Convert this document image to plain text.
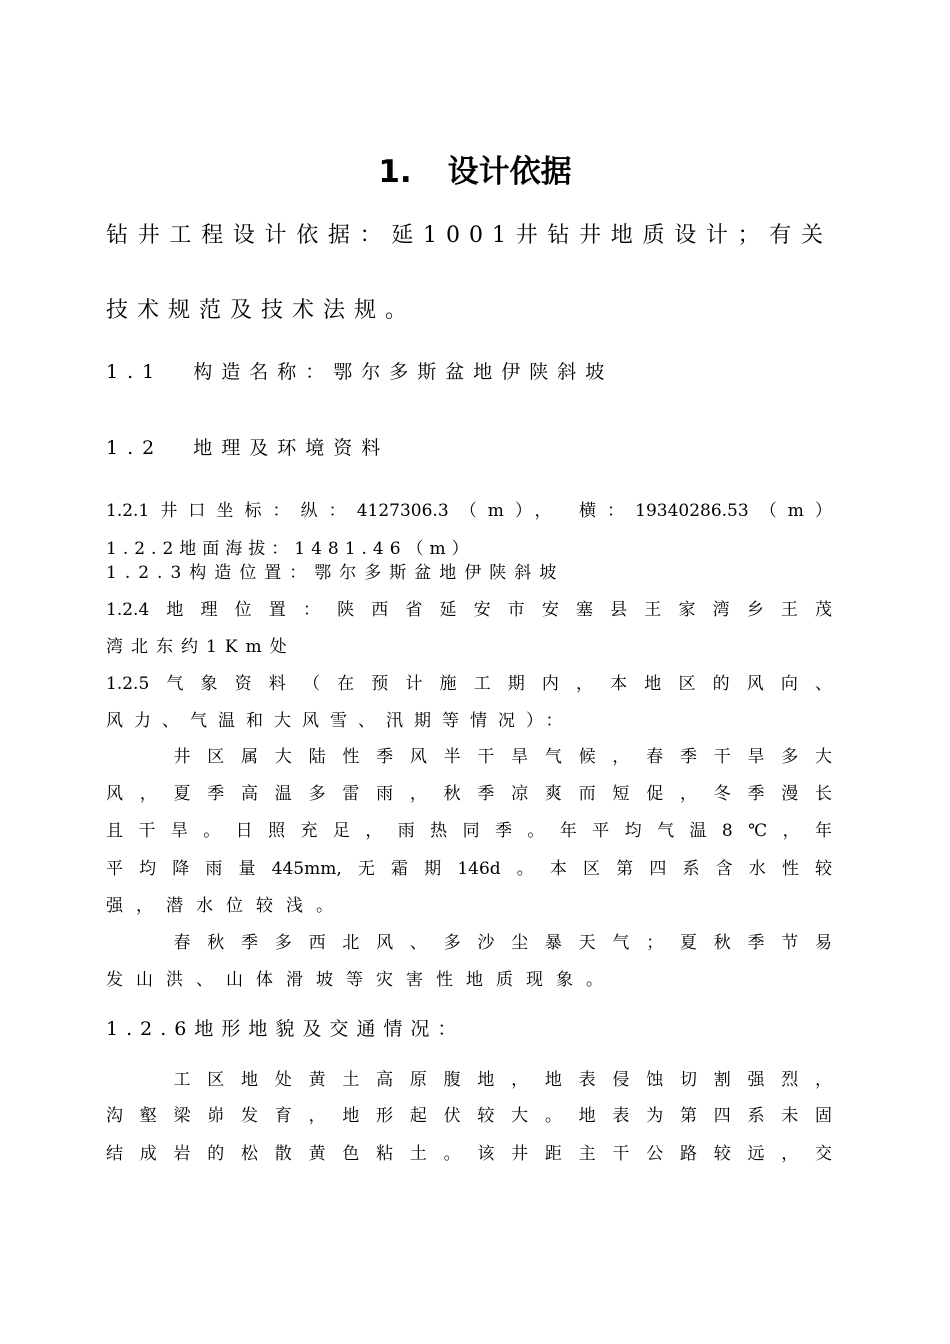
1. 设计依据
钻井工程设计依据：延1001井钻井地质设计；有关
技术规范及技术法规。
1.1 构造名称：鄂尔多斯盆地伊陕斜坡
1.2 地理及环境资料
1.2.1井口坐标：纵：4127306.3（m）， 横：19340286.53（m）
1.2.2地面海拔：1481.46（m）
1.2.3构造位置：鄂尔多斯盆地伊陕斜坡
1.2.4地理位置：陕西省延安市安塞县王家湾乡王茂
湾北东约1Km处
1.2.5气象资料（在预计施工期内，本地区的风向、
风力、气温和大风雪、汛期等情况）：
　　井区属大陆性季风半干旱气候，春季干旱多大
风，夏季高温多雷雨，秋季凉爽而短促，冬季漫长
且干旱。日照充足，雨热同季。年平均气温8℃，年
平均降雨量445mm,无霜期146d。本区第四系含水性较
强，潜水位较浅。
　　春秋季多西北风、多沙尘暴天气；夏秋季节易
发山洪、山体滑坡等灾害性地质现象。
1.2.6地形地貌及交通情况：
　　工区地处黄土高原腹地，地表侵蚀切割强烈，
沟壑梁峁发育，地形起伏较大。地表为第四系未固
结成岩的松散黄色粘土。该井距主干公路较远，交
